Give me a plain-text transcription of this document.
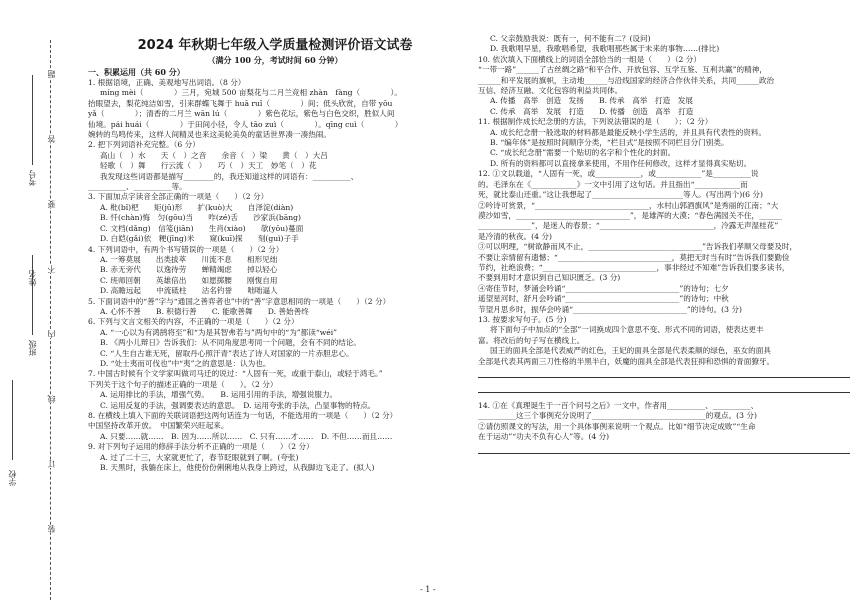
学校
班级
姓名
考号
装
订
线
内
不
要
答
题
2024 年秋期七年级入学质量检测评价语文试卷
（满分 100 分，考试时间 60 分钟）
一、积累运用（共 60 分）
1. 根据语境，正确、美观地写出词语。（8 分）
míng mèi（　　　　）三月，宛城 500 亩梨花与二月兰竞相 zhàn　fàng（　　　　）。
抬眼望去，梨花纯洁如雪，引来群蝶飞舞于 huā ruǐ（　　　　）间；低头欣赏，自带 yōu
yǎ（　　　　）；清香的二月兰 wān lú（　　　　）紫色花坛，紫色与白色交织，胜似人间
仙境。pái huái（　　　　）于田间小径，令人 tāo zuì（　　　　）。qīng cuì（　　　　）
婉转的鸟鸣传来，这样人间精灵也来这美轮美奂的童话世界凑一凑热闹。
2. 把下列词语补充完整。（6 分）
高山（　）水　　天（　）之音　　余音（　）梁　　黄（　）大吕
轻歌（　）舞　　行云流（　）　　巧（　）天工　妙笔（　）花
我发现这些词语都是描写________的，我还知道这样的词语有：__________、
__________、__________等。
3. 下面加点字读音全部正确的一项是（　　）（2 分）
A. 枇(bǐ)杷　　矩(jǔ)形　　扩(kuò)大　　自泽淀(diàn)
B. 忏(chàn)悔　匀(gōu)当　　咋(zé)舌　　沙家浜(bāng)
C. 文档(dǎng)　信笺(jiān)　　生肖(xiào)　　欹(yōu)蔓面
D. 白皑(gǎi)依　粳(jīng)米　　窥(kuī)探　　刻(guì)子手
4. 下列词语中，有两个书写错误的一项是（　　）（2 分）
A. 一筹莫展　　出类拔萃　　川流不息　　相形见绌
B. 赤无旁代　　以逸待劳　　蝉精竭虑　　掉以轻心
C. 班师回朝　　英雄倍出　　如愿掷腰　　刚愎自用
D. 高瞻远起　　中流砥柱　　沽名钓誉　　咄咄逼人
5. 下面词语中的“善”字与“通国之善弈者也”中的“善”字意思相同的一项是（　　）（2 分）
A. 心怀不善　　B. 积德行善　　C. 能歌善舞　　D. 善始善终
6. 下列与文言文相关的内容，不正确的一项是（　　）（2 分）
A. “一心以为有鸿鹄将至”和“为是其智弗若与”两句中的“为”都读“wéi”
B. 《两小儿辩日》告诉我们：从不同角度思考同一个问题，会有不同的结论。
C. “人生自古谁无死，留取丹心照汗青”表达了诗人对国家的一片赤胆忠心。
D. “处士夷而可伐也”中“夷”之的意思是：认为也。
7. 中国古时候有个文学家叫做司马迁的说过：“人固有一死，或重于泰山，或轻于鸿毛。”
下列关于这个句子的描述正确的一项是（　　）。（2 分）
A. 运用排比的手法，增强气势。　　B. 运用引用的手法，增强说服力。
C. 运用反复的手法，强调要表达的意思。　D. 运用夸张的手法，凸显事物的特点。
8. 在横线上填入下面的关联词语把这两句话连为一句话，不能选用的一项是（　　）（2 分）
中国坚持改革开放。　中国繁荣兴旺起来。
A. 只要……就……　B. 因为……所以……　C. 只有……才……　D. 不但……而且……
9. 对下列句子运用的修辞手法分析不正确的一项是（　　）（2 分）
A. 过了二十三，大家就更忙了，春节眨眼就到了啊。(夸张)
B. 天黑时，我躺在床上，他使份份俐俐地从我身上跨过，从我脚边飞走了。(拟人)
C. 父亲鼓励我说：既有一，何不能有二？(设问)
D. 我歌唱早星，我歌唱希望，我歌唱那些属于未来的事物……(排比)
10. 依次填入下面横线上的词语全部恰当的一组是（　　）（2 分）
“一带一路”______了古丝绸之路“和平合作、开放包容、互学互鉴、互利共赢”的精神，
______和平发展的旗帜，主动地______与沿线国家的经济合作伙伴关系，共同______政治
互信、经济互融、文化包容的利益共同体。
A. 传播　高举　创造　发扬　　B. 传承　高举　打造　发展
C. 传承　高举　发展　打造　　D. 传播　创造　高举　打造
11. 根据制作成长纪念册的方法，下列说法错误的是（　　）；（2 分）
A. 成长纪念册一般选取的材料都是最能反映小学生活的，并且具有代表性的资料。
B. “编年体”是按照时间顺序分类，“栏目式”是按照不同栏目分门别类。
C. “成长纪念册”需要一个贴切的名字和个性化的封面。
D. 所有的资料都可以直接拿来使用，不用作任何修改，这样才显得真实贴切。
12. ①文以载道，“人固有一死，或____________，或____________”是__________说
的。毛泽东在《____________》一文中引用了这句话。并且指出“____________而
死，就比泰山还重。”这让我想起了________________________等人。(写出两个)(6 分)
②吟诗可赏景，“______________________________，水村山郭酒旗风”是秀丽的江南；“大
漠沙如雪，______________________________”，是雄浑的大漠；“春色满园关不住，______
______________”，是迷人的春景；“______________________________，冷露无声湿桂花”
是冷清的秋夜。(4 分)
③可以明理，“树欲静而风不止，______________________________”告诉我们孝顺父母要及时，
不要让亲情留有遗憾；“______________________________，莫把无时当有时”告诉我们要勤俭
节约，社绝浪费；“______________________________，事非经过不知难”告诉我们要多读书，
不要到用时才意识到自己知识匮乏。(3 分)
④寄佳节时，梦涌会吟诵“______________________________”的诗句；七夕
遥望星河时，舒月会吟诵“______________________________”的诗句；中秋
节望月思乡时，振华会吟诵“______________________________”的诗句。(3 分)
13. 按要求写句子。(5 分)
将下面句子中加点的“全部”一词换成四个意思不变、形式不同的词语，使表达更丰
富。将改后的句子写在横线上。
国王的面具全部是代表威严的红色，王妃的面具全部是代表柔顺的绿色，巫女的面具
全部是代表其两面三刀性格的半黑半白，妖魔的面具全部是代表狂抑和恐惧的青面獠牙。
14. ①在《真理诞生于一百个问号之后》一文中，作者用__________、__________、
__________这三个事例充分说明了______________________________的观点。(3 分)
②请仿照课文的写法，用一个具体事例来说明一个观点。比如“细节决定成败”“生命
在于运动”“功夫不负有心人”等。(4 分)
- 1 -
